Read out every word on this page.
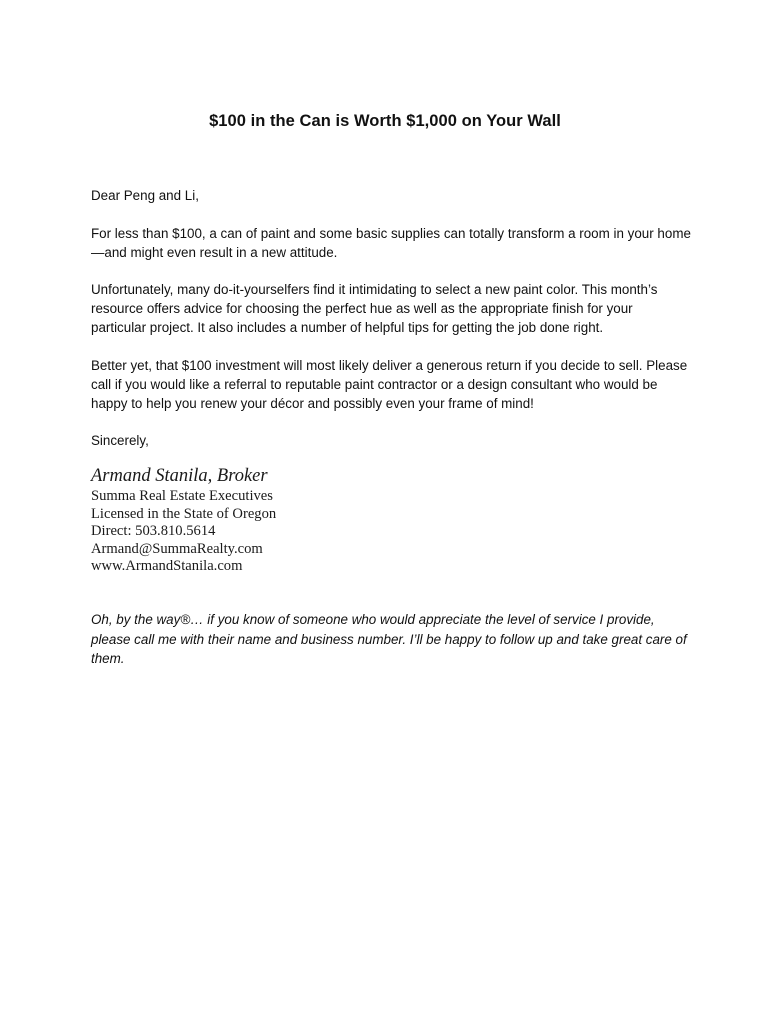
$100 in the Can is Worth $1,000 on Your Wall
Dear Peng and Li,
For less than $100, a can of paint and some basic supplies can totally transform a room in your home—and might even result in a new attitude.
Unfortunately, many do-it-yourselfers find it intimidating to select a new paint color. This month’s resource offers advice for choosing the perfect hue as well as the appropriate finish for your particular project. It also includes a number of helpful tips for getting the job done right.
Better yet, that $100 investment will most likely deliver a generous return if you decide to sell. Please call if you would like a referral to reputable paint contractor or a design consultant who would be happy to help you renew your décor and possibly even your frame of mind!
Sincerely,
Armand Stanila, Broker
Summa Real Estate Executives
Licensed in the State of Oregon
Direct: 503.810.5614
Armand@SummaRealty.com
www.ArmandStanila.com
Oh, by the way®… if you know of someone who would appreciate the level of service I provide, please call me with their name and business number. I’ll be happy to follow up and take great care of them.
